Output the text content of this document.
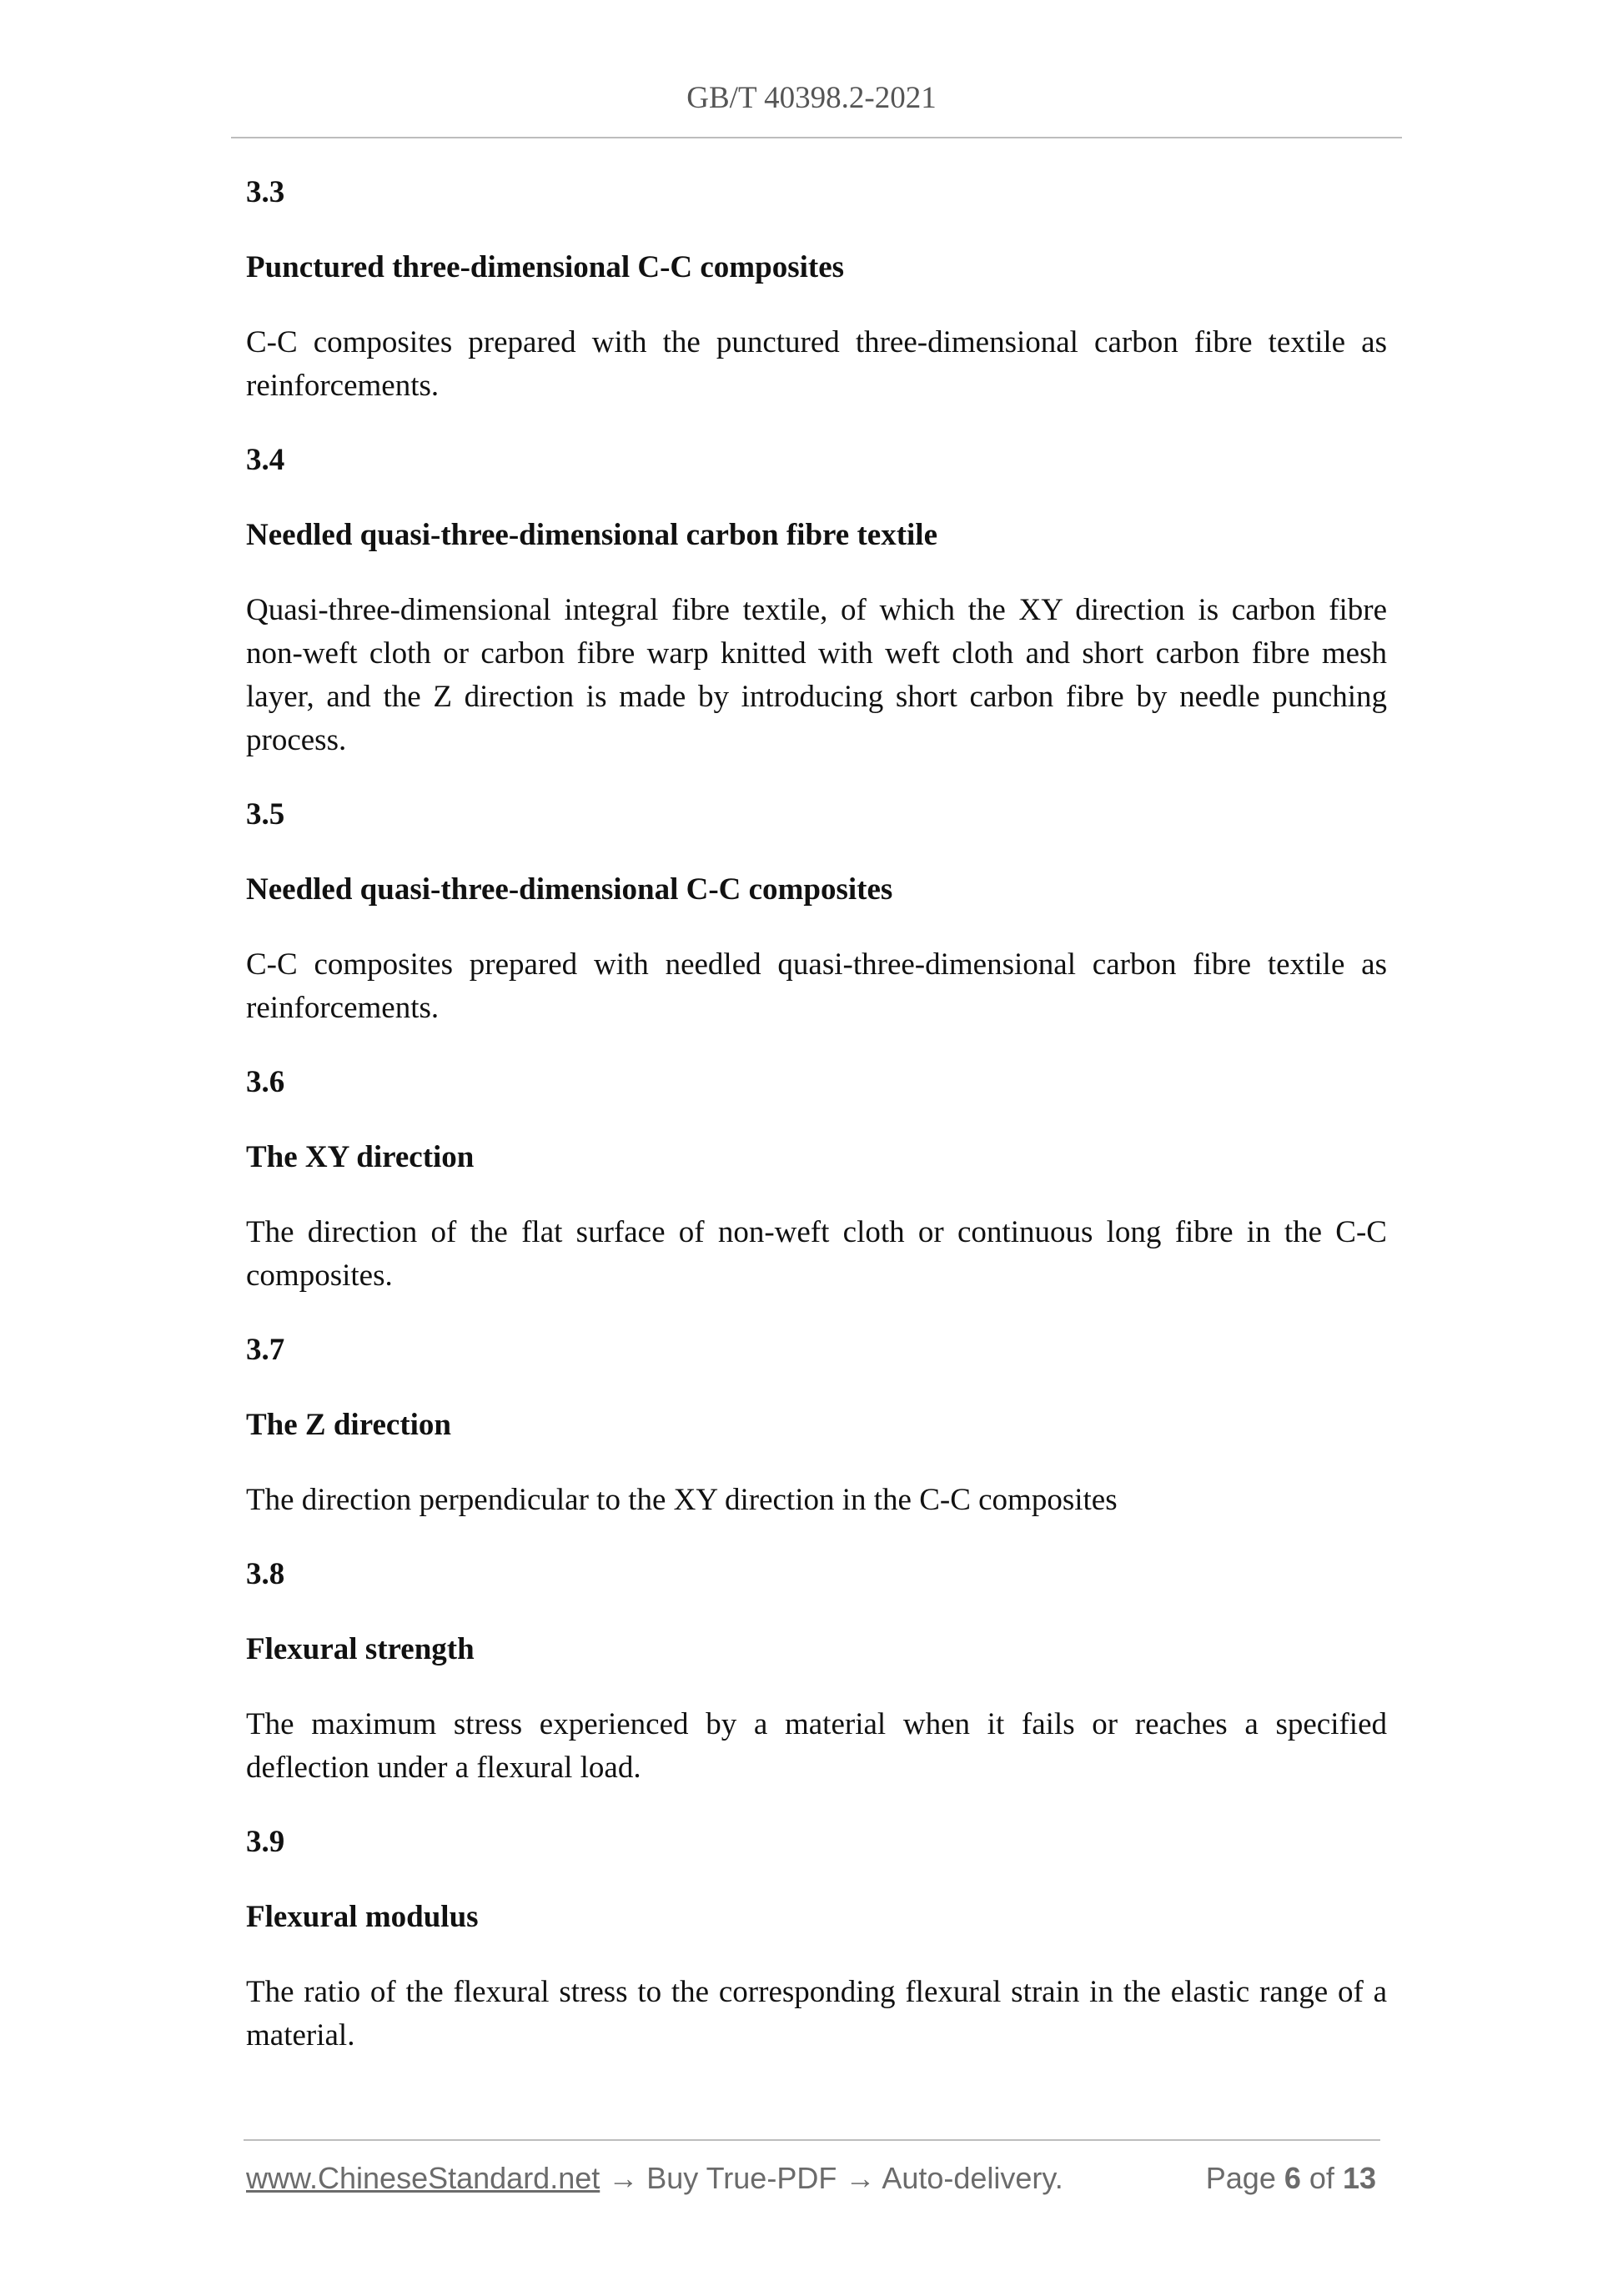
GB/T 40398.2-2021

3.3

Punctured three-dimensional C-C composites

C-C composites prepared with the punctured three-dimensional carbon fibre textile as reinforcements.

3.4

Needled quasi-three-dimensional carbon fibre textile

Quasi-three-dimensional integral fibre textile, of which the XY direction is carbon fibre non-weft cloth or carbon fibre warp knitted with weft cloth and short carbon fibre mesh layer, and the Z direction is made by introducing short carbon fibre by needle punching process.

3.5

Needled quasi-three-dimensional C-C composites

C-C composites prepared with needled quasi-three-dimensional carbon fibre textile as reinforcements.

3.6

The XY direction

The direction of the flat surface of non-weft cloth or continuous long fibre in the C-C composites.

3.7

The Z direction

The direction perpendicular to the XY direction in the C-C composites

3.8

Flexural strength

The maximum stress experienced by a material when it fails or reaches a specified deflection under a flexural load.

3.9

Flexural modulus

The ratio of the flexural stress to the corresponding flexural strain in the elastic range of a material.

www.ChineseStandard.net → Buy True-PDF → Auto-delivery.	Page 6 of 13
